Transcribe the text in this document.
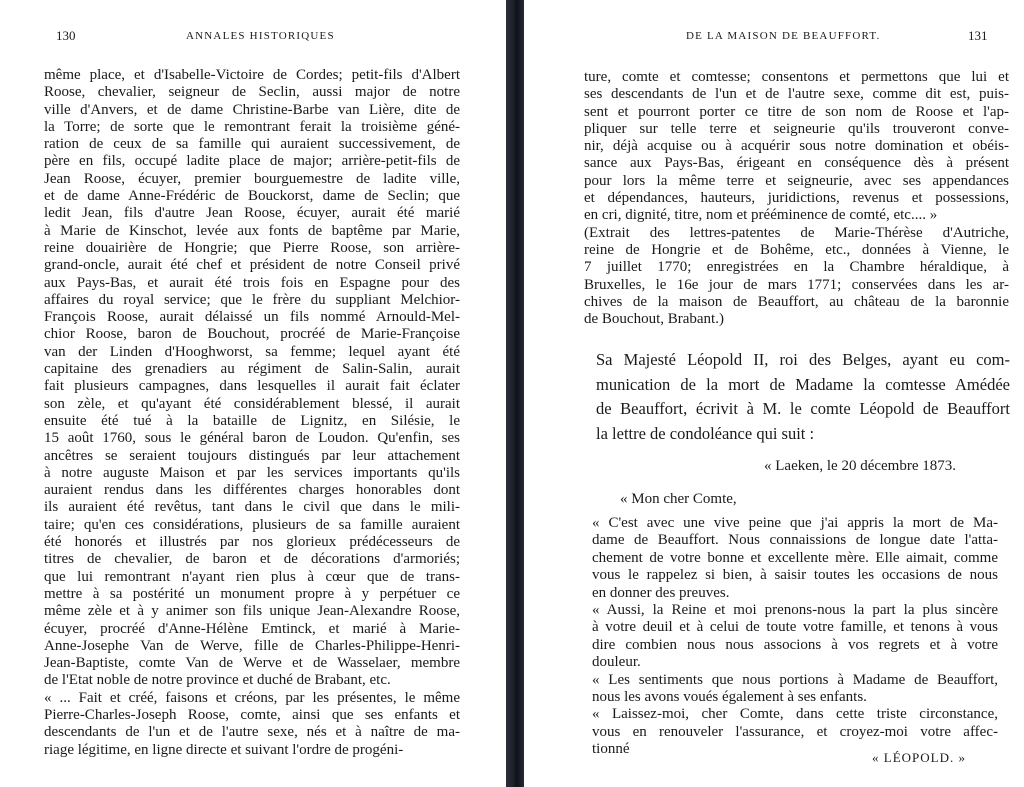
130	ANNALES HISTORIQUES
même place, et d'Isabelle-Victoire de Cordes; petit-fils d'Albert
Roose, chevalier, seigneur de Seclin, aussi major de notre
ville d'Anvers, et de dame Christine-Barbe van Lière, dite de
la Torre; de sorte que le remontrant ferait la troisième géné-
ration de ceux de sa famille qui auraient successivement, de
père en fils, occupé ladite place de major; arrière-petit-fils de
Jean Roose, écuyer, premier bourguemestre de ladite ville,
et de dame Anne-Frédéric de Bouckorst, dame de Seclin; que
ledit Jean, fils d'autre Jean Roose, écuyer, aurait été marié
à Marie de Kinschot, levée aux fonts de baptême par Marie,
reine douairière de Hongrie; que Pierre Roose, son arrière-
grand-oncle, aurait été chef et président de notre Conseil privé
aux Pays-Bas, et aurait été trois fois en Espagne pour des
affaires du royal service; que le frère du suppliant Melchior-
François Roose, aurait délaissé un fils nommé Arnould-Mel-
chior Roose, baron de Bouchout, procréé de Marie-Françoise
van der Linden d'Hooghworst, sa femme; lequel ayant été
capitaine des grenadiers au régiment de Salin-Salin, aurait
fait plusieurs campagnes, dans lesquelles il aurait fait éclater
son zèle, et qu'ayant été considérablement blessé, il aurait
ensuite été tué à la bataille de Lignitz, en Silésie, le
15 août 1760, sous le général baron de Loudon. Qu'enfin, ses
ancêtres se seraient toujours distingués par leur attachement
à notre auguste Maison et par les services importants qu'ils
auraient rendus dans les différentes charges honorables dont
ils auraient été revêtus, tant dans le civil que dans le mili-
taire; qu'en ces considérations, plusieurs de sa famille auraient
été honorés et illustrés par nos glorieux prédécesseurs de
titres de chevalier, de baron et de décorations d'armoriés;
que lui remontrant n'ayant rien plus à cœur que de trans-
mettre à sa postérité un monument propre à y perpétuer ce
même zèle et à y animer son fils unique Jean-Alexandre Roose,
écuyer, procréé d'Anne-Hélène Emtinck, et marié à Marie-
Anne-Josephe Van de Werve, fille de Charles-Philippe-Henri-
Jean-Baptiste, comte Van de Werve et de Wasselaer, membre
de l'Etat noble de notre province et duché de Brabant, etc.
« ... Fait et créé, faisons et créons, par les présentes, le même
Pierre-Charles-Joseph Roose, comte, ainsi que ses enfants et
descendants de l'un et de l'autre sexe, nés et à naître de ma-
riage légitime, en ligne directe et suivant l'ordre de progéni-
DE LA MAISON DE BEAUFFORT.	131
ture, comte et comtesse; consentons et permettons que lui et
ses descendants de l'un et de l'autre sexe, comme dit est, puis-
sent et pourront porter ce titre de son nom de Roose et l'ap-
pliquer sur telle terre et seigneurie qu'ils trouveront conve-
nir, déjà acquise ou à acquérir sous notre domination et obéis-
sance aux Pays-Bas, érigeant en conséquence dès à présent
pour lors la même terre et seigneurie, avec ses appendances
et dépendances, hauteurs, juridictions, revenus et possessions,
en cri, dignité, titre, nom et prééminence de comté, etc.... »
(Extrait des lettres-patentes de Marie-Thérèse d'Autriche,
reine de Hongrie et de Bohême, etc., données à Vienne, le
7 juillet 1770; enregistrées en la Chambre héraldique, à
Bruxelles, le 16e jour de mars 1771; conservées dans les ar-
chives de la maison de Beauffort, au château de la baronnie
de Bouchout, Brabant.)
Sa Majesté Léopold II, roi des Belges, ayant eu com-
munication de la mort de Madame la comtesse Amédée
de Beauffort, écrivit à M. le comte Léopold de Beauffort
la lettre de condoléance qui suit :
« Laeken, le 20 décembre 1873.
« Mon cher Comte,
« C'est avec une vive peine que j'ai appris la mort de Ma-
dame de Beauffort. Nous connaissions de longue date l'atta-
chement de votre bonne et excellente mère. Elle aimait, comme
vous le rappelez si bien, à saisir toutes les occasions de nous
en donner des preuves.
« Aussi, la Reine et moi prenons-nous la part la plus sincère
à votre deuil et à celui de toute votre famille, et tenons à vous
dire combien nous nous associons à vos regrets et à votre
douleur.
« Les sentiments que nous portions à Madame de Beauffort,
nous les avons voués également à ses enfants.
« Laissez-moi, cher Comte, dans cette triste circonstance,
vous en renouveler l'assurance, et croyez-moi votre affec-
tionné
« LÉOPOLD. »
